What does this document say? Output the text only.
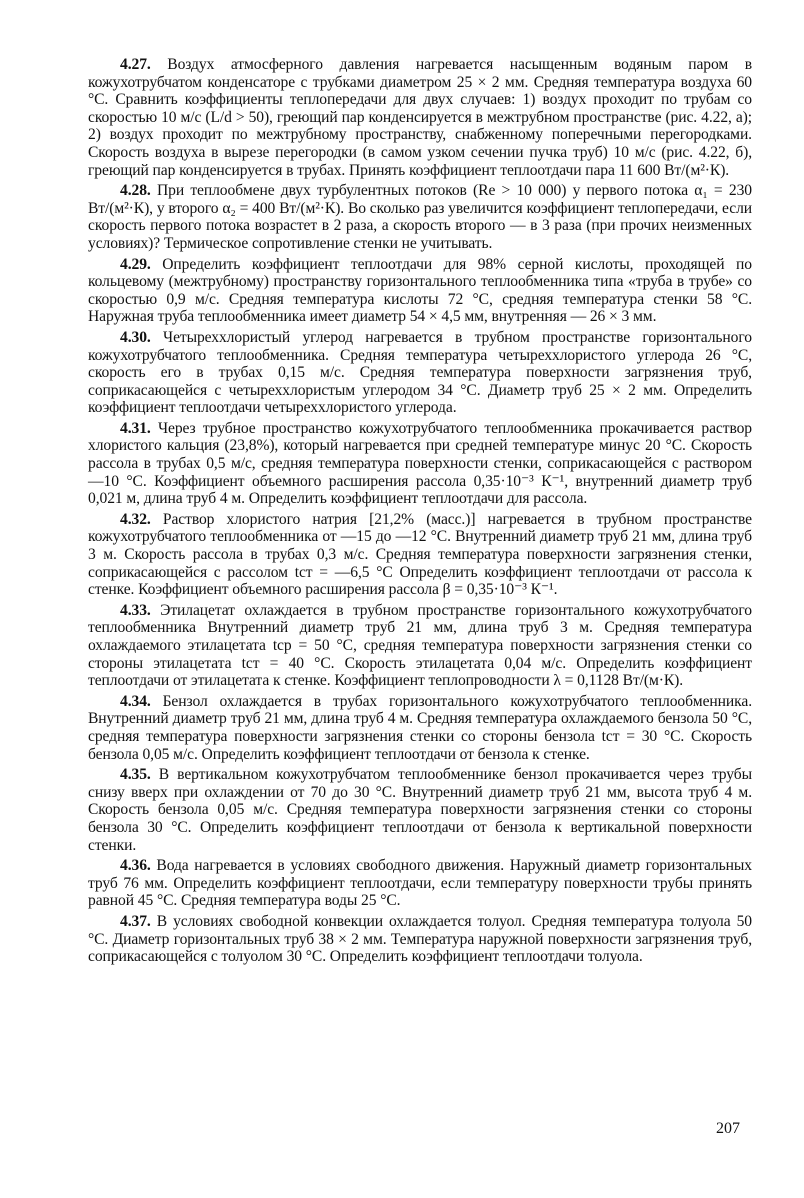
4.27. Воздух атмосферного давления нагревается насыщенным водяным паром в кожухотрубчатом конденсаторе с трубками диаметром 25 × 2 мм. Средняя температура воздуха 60 °С. Сравнить коэффициенты теплопередачи для двух случаев: 1) воздух проходит по трубам со скоростью 10 м/с (L/d > 50), греющий пар конденсируется в межтрубном пространстве (рис. 4.22, а); 2) воздух проходит по межтрубному пространству, снабженному поперечными перегородками. Скорость воздуха в вырезе перегородки (в самом узком сечении пучка труб) 10 м/с (рис. 4.22, б), греющий пар конденсируется в трубах. Принять коэффициент теплоотдачи пара 11 600 Вт/(м²·К).

4.28. При теплообмене двух турбулентных потоков (Re > 10 000) у первого потока α₁ = 230 Вт/(м²·К), у второго α₂ = 400 Вт/(м²·К). Во сколько раз увеличится коэффициент теплопередачи, если скорость первого потока возрастет в 2 раза, а скорость второго — в 3 раза (при прочих неизменных условиях)? Термическое сопротивление стенки не учитывать.

4.29. Определить коэффициент теплоотдачи для 98% серной кислоты, проходящей по кольцевому (межтрубному) пространству горизонтального теплообменника типа «труба в трубе» со скоростью 0,9 м/с. Средняя температура кислоты 72 °С, средняя температура стенки 58 °С. Наружная труба теплообменника имеет диаметр 54 × 4,5 мм, внутренняя — 26 × 3 мм.

4.30. Четыреххлористый углерод нагревается в трубном пространстве горизонтального кожухотрубчатого теплообменника. Средняя температура четыреххлористого углерода 26 °С, скорость его в трубах 0,15 м/с. Средняя температура поверхности загрязнения труб, соприкасающейся с четыреххлористым углеродом 34 °С. Диаметр труб 25 × 2 мм. Определить коэффициент теплоотдачи четыреххлористого углерода.

4.31. Через трубное пространство кожухотрубчатого теплообменника прокачивается раствор хлористого кальция (23,8%), который нагревается при средней температуре минус 20 °С. Скорость рассола в трубах 0,5 м/с, средняя температура поверхности стенки, соприкасающейся с раствором —10 °С. Коэффициент объемного расширения рассола 0,35·10⁻³ К⁻¹, внутренний диаметр труб 0,021 м, длина труб 4 м. Определить коэффициент теплоотдачи для рассола.

4.32. Раствор хлористого натрия [21,2% (масс.)] нагревается в трубном пространстве кожухотрубчатого теплообменника от —15 до —12 °С. Внутренний диаметр труб 21 мм, длина труб 3 м. Скорость рассола в трубах 0,3 м/с. Средняя температура поверхности загрязнения стенки, соприкасающейся с рассолом tст = —6,5 °С Определить коэффициент теплоотдачи от рассола к стенке. Коэффициент объемного расширения рассола β = 0,35·10⁻³ К⁻¹.

4.33. Этилацетат охлаждается в трубном пространстве горизонтального кожухотрубчатого теплообменника Внутренний диаметр труб 21 мм, длина труб 3 м. Средняя температура охлаждаемого этилацетата tср = 50 °С, средняя температура поверхности загрязнения стенки со стороны этилацетата tст = 40 °С. Скорость этилацетата 0,04 м/с. Определить коэффициент теплоотдачи от этилацетата к стенке. Коэффициент теплопроводности λ = 0,1128 Вт/(м·К).

4.34. Бензол охлаждается в трубах горизонтального кожухотрубчатого теплообменника. Внутренний диаметр труб 21 мм, длина труб 4 м. Средняя температура охлаждаемого бензола 50 °С, средняя температура поверхности загрязнения стенки со стороны бензола tст = 30 °С. Скорость бензола 0,05 м/с. Определить коэффициент теплоотдачи от бензола к стенке.

4.35. В вертикальном кожухотрубчатом теплообменнике бензол прокачивается через трубы снизу вверх при охлаждении от 70 до 30 °С. Внутренний диаметр труб 21 мм, высота труб 4 м. Скорость бензола 0,05 м/с. Средняя температура поверхности загрязнения стенки со стороны бензола 30 °С. Определить коэффициент теплоотдачи от бензола к вертикальной поверхности стенки.

4.36. Вода нагревается в условиях свободного движения. Наружный диаметр горизонтальных труб 76 мм. Определить коэффициент теплоотдачи, если температуру поверхности трубы принять равной 45 °С. Средняя температура воды 25 °С.

4.37. В условиях свободной конвекции охлаждается толуол. Средняя температура толуола 50 °С. Диаметр горизонтальных труб 38 × 2 мм. Температура наружной поверхности загрязнения труб, соприкасающейся с толуолом 30 °С. Определить коэффициент теплоотдачи толуола.

207
